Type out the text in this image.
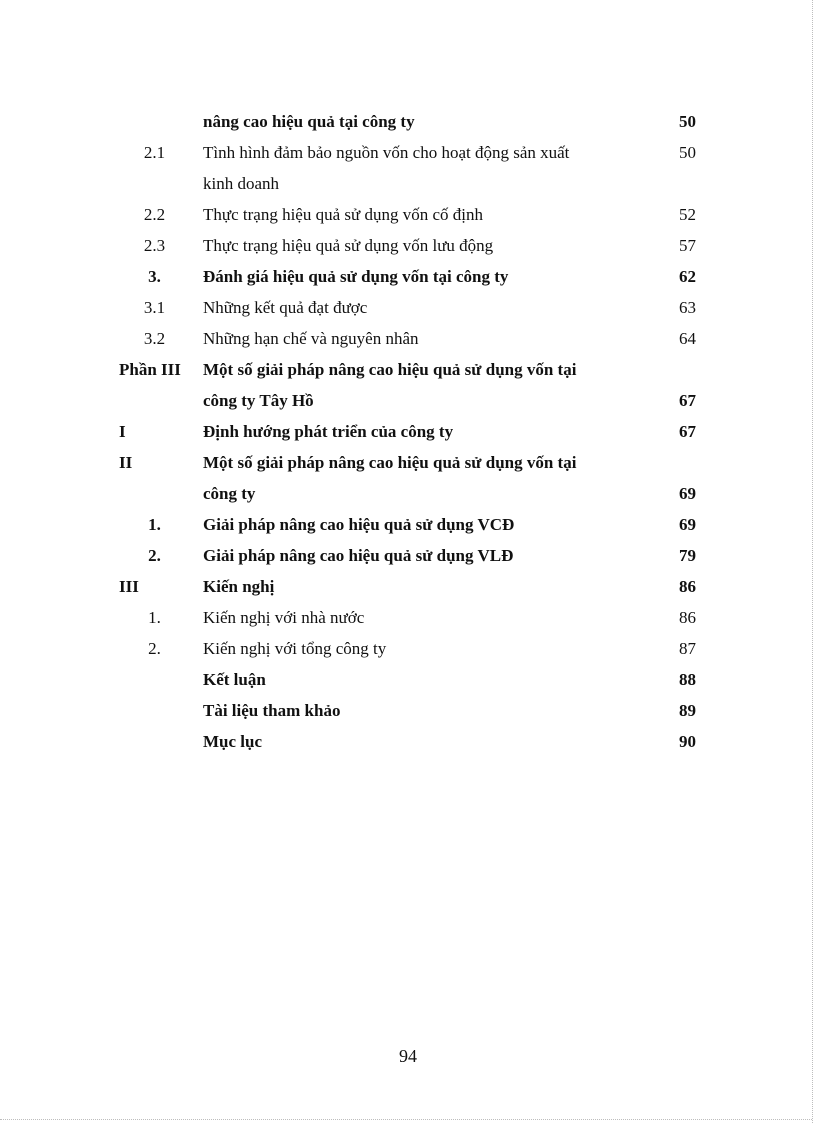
nâng cao hiệu quả tại công ty	50
2.1	Tình hình đảm bảo nguồn vốn cho hoạt động sản xuất	50
kinh doanh
2.2	Thực trạng hiệu quả sử dụng vốn cố định	52
2.3	Thực trạng hiệu quả sử dụng vốn lưu động	57
3.	Đánh giá hiệu quả sử dụng vốn tại công ty	62
3.1	Những kết quả đạt được	63
3.2	Những hạn chế và nguyên nhân	64
Phần III	Một số giải pháp nâng cao hiệu quả sử dụng vốn tại
công ty Tây Hồ	67
I	Định hướng phát triển của công ty	67
II	Một số giải pháp nâng cao hiệu quả sử dụng vốn tại
công ty	69
1.	Giải pháp nâng cao hiệu quả sử dụng VCĐ	69
2.	Giải pháp nâng cao hiệu quả sử dụng VLĐ	79
III	Kiến nghị	86
1.	Kiến nghị với nhà nước	86
2.	Kiến nghị với tổng công ty	87
Kết luận	88
Tài liệu tham khảo	89
Mục lục	90
94
